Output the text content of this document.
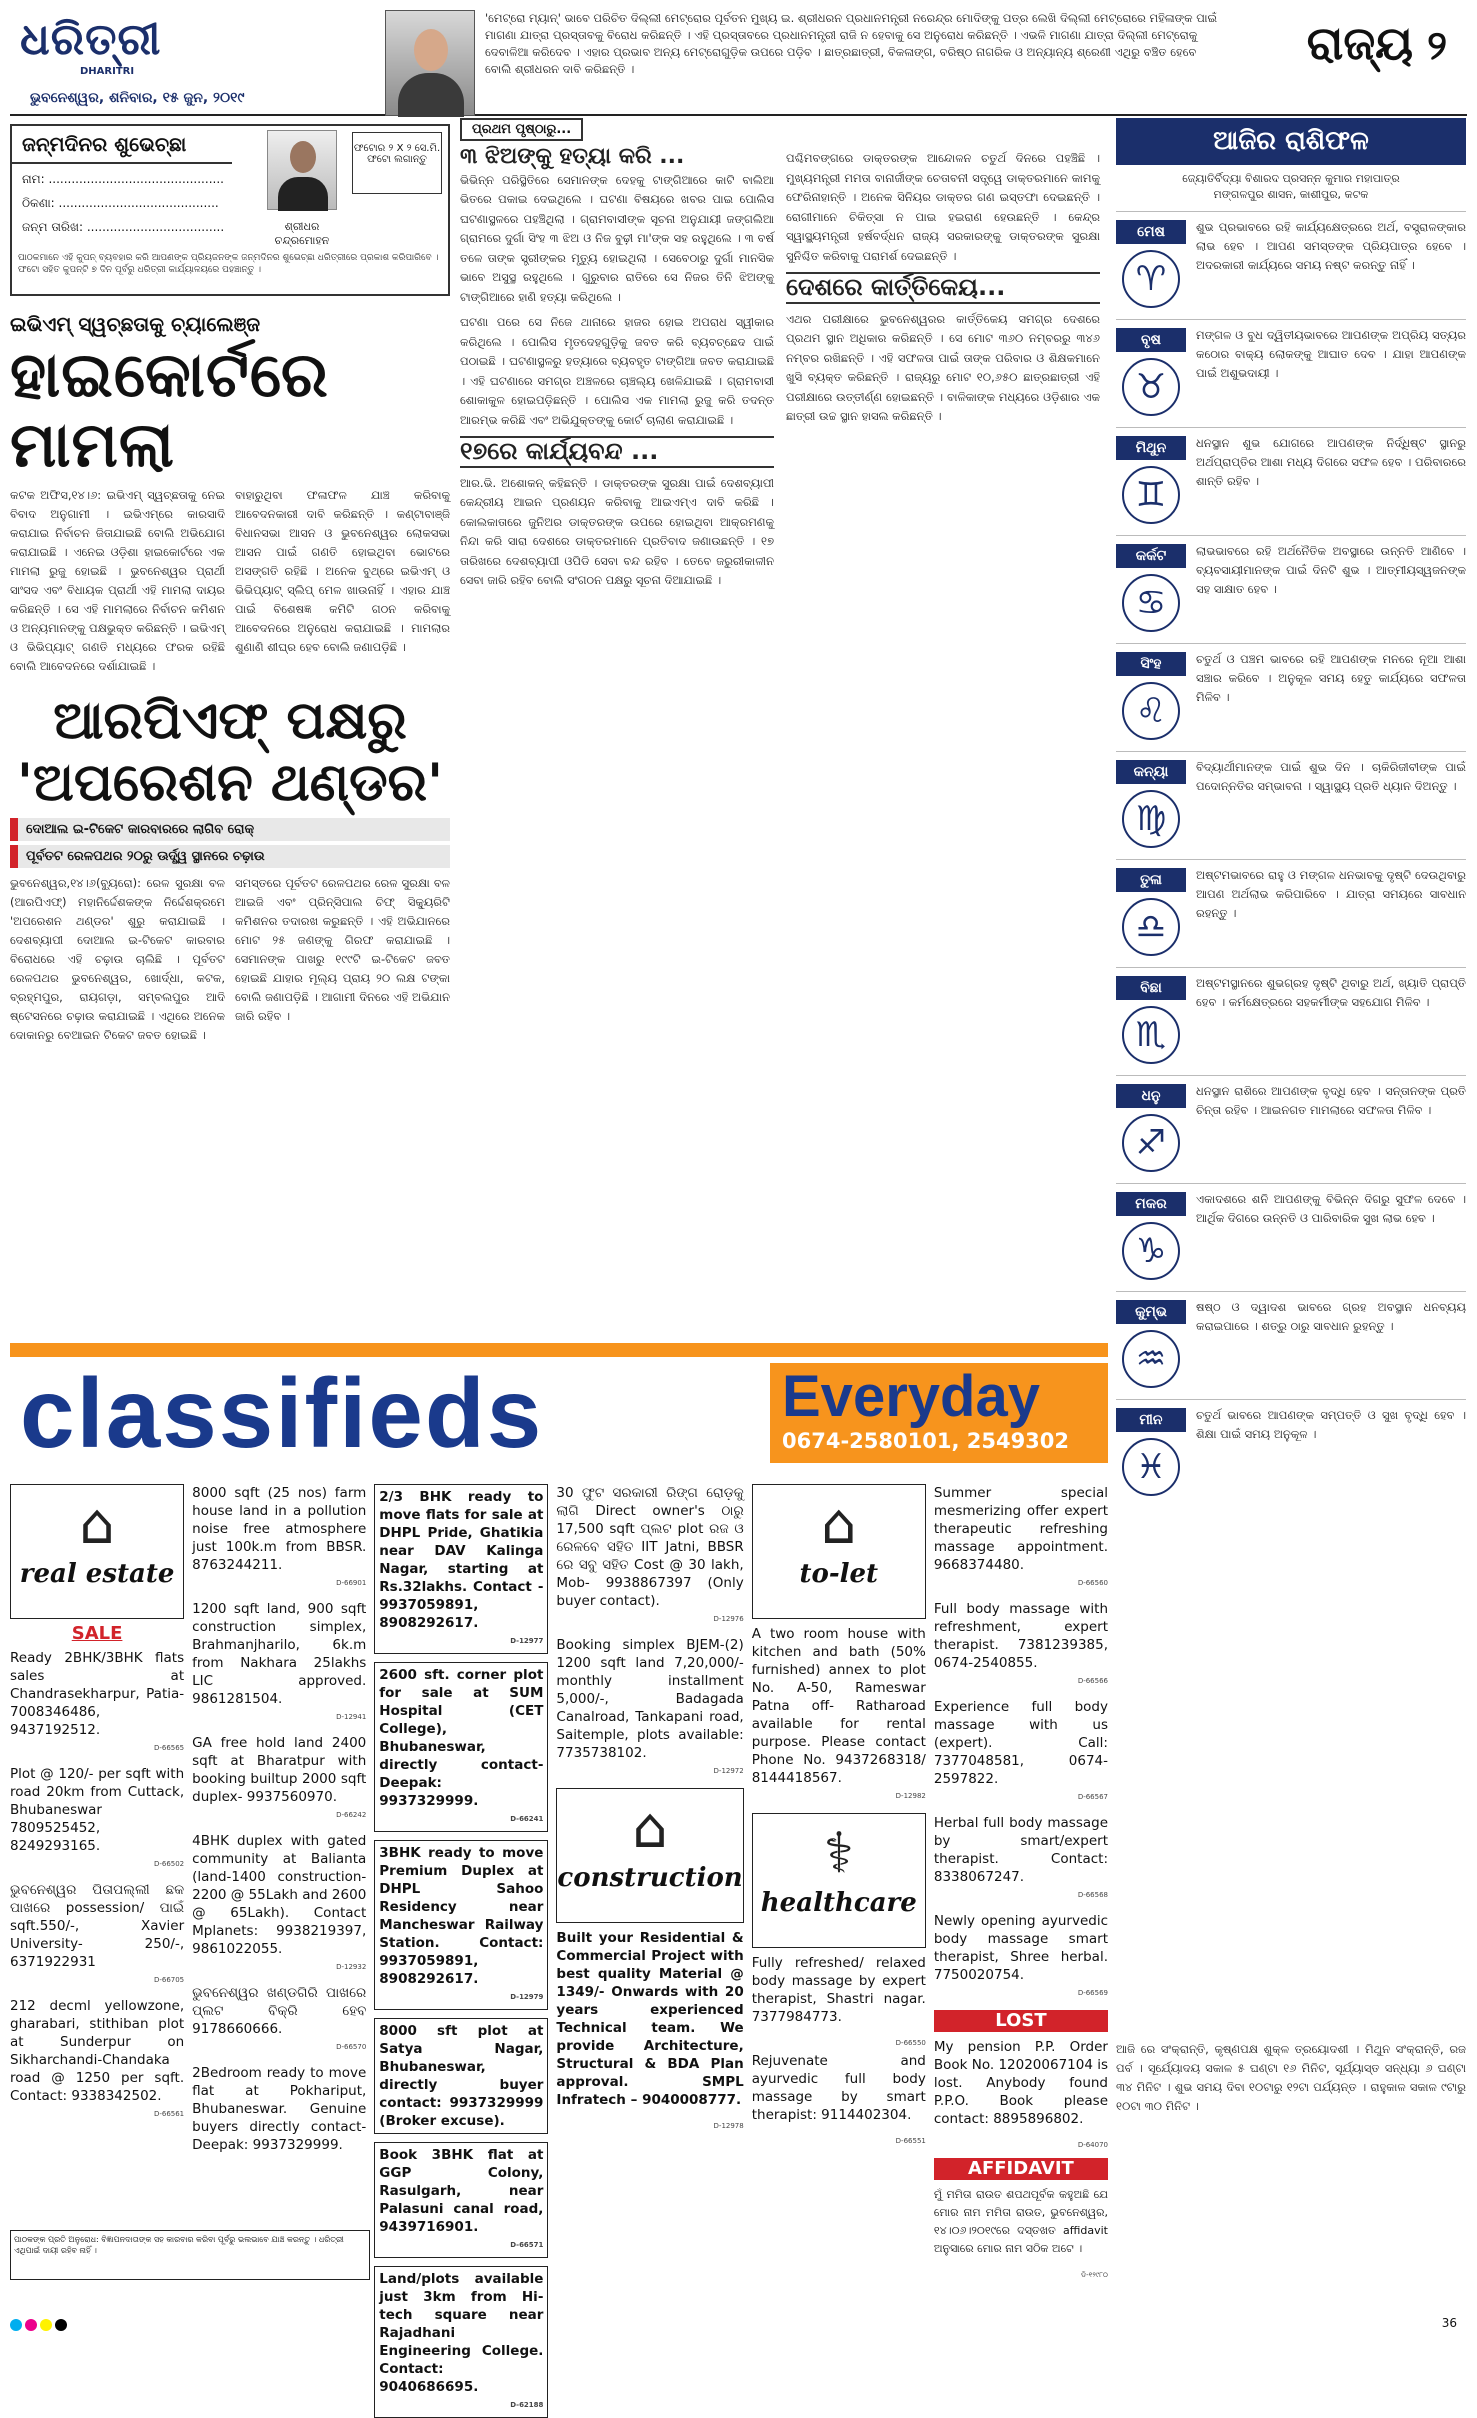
ଧରିତ୍ରୀ
DHARITRI
ଭୁବନେଶ୍ୱର, ଶନିବାର, ୧୫ ଜୁନ, ୨୦୧୯
'ମେଟ୍ରୋ ମ୍ୟାନ୍' ଭାବେ ପରିଚିତ ଦିଲ୍ଲୀ ମେଟ୍ରୋର ପୂର୍ବତନ ମୁଖ୍ୟ ଇ. ଶ୍ରୀଧରନ ପ୍ରଧାନମନ୍ତ୍ରୀ ନରେନ୍ଦ୍ର ମୋଦିଙ୍କୁ ପତ୍ର ଲେଖି ଦିଲ୍ଲୀ ମେଟ୍ରୋରେ ମହିଳାଙ୍କ ପାଇଁ ମାଗଣା ଯାତ୍ରା ପ୍ରସ୍ତାବକୁ ବିରୋଧ କରିଛନ୍ତି । ଏହି ପ୍ରସ୍ତାବରେ ପ୍ରଧାନମନ୍ତ୍ରୀ ରାଜି ନ ହେବାକୁ ସେ ଅନୁରୋଧ କରିଛନ୍ତି । ଏଭଳି ମାଗଣା ଯାତ୍ରା ଦିଲ୍ଲୀ ମେଟ୍ରୋକୁ ଦେବାଳିଆ କରିଦେବ । ଏହାର ପ୍ରଭାବ ଅନ୍ୟ ମେଟ୍ରୋଗୁଡ଼ିକ ଉପରେ ପଡ଼ିବ । ଛାତ୍ରଛାତ୍ରୀ, ବିକଳାଙ୍ଗ, ବରିଷ୍ଠ ନାଗରିକ ଓ ଅନ୍ୟାନ୍ୟ ଶ୍ରେଣୀ ଏଥିରୁ ବଞ୍ଚିତ ହେବେ ବୋଲି ଶ୍ରୀଧରନ ଦାବି କରିଛନ୍ତି ।	ରାଜ୍ୟ ୨
ଜନ୍ମଦିନର ଶୁଭେଚ୍ଛା
ନାମ: ..............................................
ଠିକଣା: ..........................................
ଜନ୍ମ ତାରିଖ: ....................................	ଶ୍ରୀଧର ଚନ୍ଦ୍ରମୋହନ
ଫଟୋର ୨ X ୨ ସେ.ମି. ଫଟୋ ଲଗାନ୍ତୁ
ପାଠକମାନେ ଏହି କୁପନ୍ ବ୍ୟବହାର କରି ଆପଣଙ୍କ ପ୍ରିୟଜନଙ୍କ ଜନ୍ମଦିନର ଶୁଭେଚ୍ଛା ଧରିତ୍ରୀରେ ପ୍ରକାଶ କରିପାରିବେ । ଫଟୋ ସହିତ କୁପନ୍‌ଟି ୭ ଦିନ ପୂର୍ବରୁ ଧରିତ୍ରୀ କାର୍ଯ୍ୟାଳୟରେ ପହଞ୍ଚାନ୍ତୁ ।
ଇଭିଏମ୍ ସ୍ୱଚ୍ଛତାକୁ ଚ୍ୟାଲେଞ୍ଜ
ହାଇକୋର୍ଟରେ ମାମଲା
କଟକ ଅଫିସ,୧୪।୬: ଇଭିଏମ୍ ସ୍ୱଚ୍ଛତାକୁ ନେଇ ବିବାଦ ଅନୁଗାମୀ । ଇଭିଏମ୍‌ରେ କାରସାଦି କରାଯାଇ ନିର୍ବାଚନ ଜିତାଯାଇଛି ବୋଲି ଅଭିଯୋଗ କରାଯାଇଛି । ଏନେଇ ଓଡ଼ିଶା ହାଇକୋର୍ଟରେ ଏକ ମାମଲା ରୁଜୁ ହୋଇଛି । ଭୁବନେଶ୍ୱର ପ୍ରାର୍ଥୀ ସାଂସଦ ଏବଂ ବିଧାୟକ ପ୍ରାର୍ଥୀ ଏହି ମାମଲା ଦାୟର କରିଛନ୍ତି । ସେ ଏହି ମାମଲାରେ ନିର୍ବାଚନ କମିଶନ ଓ ଅନ୍ୟମାନଙ୍କୁ ପକ୍ଷଭୁକ୍ତ କରିଛନ୍ତି । ଇଭିଏମ୍ ଓ ଭିଭିପ୍ୟାଟ୍ ଗଣତି ମଧ୍ୟରେ ଫରକ ରହିଛି ବୋଲି ଆବେଦନରେ ଦର୍ଶାଯାଇଛି ।
ବାହାରୁଥିବା ଫଳାଫଳ ଯାଞ୍ଚ କରିବାକୁ ଆବେଦନକାରୀ ଦାବି କରିଛନ୍ତି । କଣ୍ଟାବାଞ୍ଜି ବିଧାନସଭା ଆସନ ଓ ଭୁବନେଶ୍ୱର ଲୋକସଭା ଆସନ ପାଇଁ ଗଣତି ହୋଇଥିବା ଭୋଟରେ ଅସଙ୍ଗତି ରହିଛି । ଅନେକ ବୁଥ୍‌ରେ ଇଭିଏମ୍ ଓ ଭିଭିପ୍ୟାଟ୍ ସ୍ଲିପ୍ ମେଳ ଖାଉନାହିଁ । ଏହାର ଯାଞ୍ଚ ପାଇଁ ବିଶେଷଜ୍ଞ କମିଟି ଗଠନ କରିବାକୁ ଆବେଦନରେ ଅନୁରୋଧ କରାଯାଇଛି । ମାମଲାର ଶୁଣାଣି ଶୀଘ୍ର ହେବ ବୋଲି ଜଣାପଡ଼ିଛି ।
ଆରପିଏଫ୍ ପକ୍ଷରୁ 'ଅପରେଶନ ଥଣ୍ଡର'
ଦୋଆଲ ଇ-ଟିକେଟ କାରବାରରେ ଲାଗିବ ରୋକ୍
ପୂର୍ବତଟ ରେଳପଥର ୨୦ରୁ ଊର୍ଦ୍ଧ୍ୱ ସ୍ଥାନରେ ଚଢ଼ାଉ
ଭୁବନେଶ୍ୱର,୧୪।୬(ବ୍ୟୁରୋ): ରେଳ ସୁରକ୍ଷା ବଳ (ଆରପିଏଫ୍) ମହାନିର୍ଦ୍ଦେଶକଙ୍କ ନିର୍ଦ୍ଦେଶକ୍ରମେ 'ଅପରେଶନ ଥଣ୍ଡର' ଶୁରୁ କରାଯାଇଛି । ଦେଶବ୍ୟାପୀ ଦୋଆଲ ଇ-ଟିକେଟ କାରବାର ବିରୋଧରେ ଏହି ଚଢ଼ାଉ ଚାଲିଛି । ପୂର୍ବତଟ ରେଳପଥର ଭୁବନେଶ୍ୱର, ଖୋର୍ଦ୍ଧା, କଟକ, ବ୍ରହ୍ମପୁର, ରାୟଗଡ଼ା, ସମ୍ବଲପୁର ଆଦି ଷ୍ଟେସନରେ ଚଢ଼ାଉ କରାଯାଇଛି । ଏଥିରେ ଅନେକ ଦୋକାନରୁ ବେଆଇନ ଟିକେଟ ଜବତ ହୋଇଛି ।
ସମସ୍ତରେ ପୂର୍ବତଟ ରେଳପଥର ରେଳ ସୁରକ୍ଷା ବଳ ଆଇଜି ଏବଂ ପ୍ରିନ୍ସିପାଲ ଚିଫ୍ ସିକ୍ୟୁରିଟି କମିଶନର ତଦାରଖ କରୁଛନ୍ତି । ଏହି ଅଭିଯାନରେ ମୋଟ ୨୫ ଜଣଙ୍କୁ ଗିରଫ କରାଯାଇଛି । ସେମାନଙ୍କ ପାଖରୁ ୧୯୯ଟି ଇ-ଟିକେଟ ଜବତ ହୋଇଛି ଯାହାର ମୂଲ୍ୟ ପ୍ରାୟ ୨୦ ଲକ୍ଷ ଟଙ୍କା ବୋଲି ଜଣାପଡ଼ିଛି । ଆଗାମୀ ଦିନରେ ଏହି ଅଭିଯାନ ଜାରି ରହିବ ।
ପ୍ରଥମ ପୃଷ୍ଠାରୁ...
୩ ଝିଅଙ୍କୁ ହତ୍ୟା କରି ...
ଭିଭିନ୍ନ ପରିସ୍ଥିତିରେ ସେମାନଙ୍କ ଦେହକୁ ଟାଙ୍ଗିଆରେ କାଟି ବାଲିଆ ଭିତରେ ପକାଇ ଦେଇଥିଲେ । ଘଟଣା ବିଷୟରେ ଖବର ପାଇ ପୋଲିସ ଘଟଣାସ୍ଥଳରେ ପହଞ୍ଚିଥିଲା । ଗ୍ରାମବାସୀଙ୍କ ସୂଚନା ଅନୁଯାୟୀ ଜଙ୍ଗଲିଆ ଗ୍ରାମରେ ଦୁର୍ଗା ସିଂହ ୩ ଝିଅ ଓ ନିଜ ବୁଢ଼ୀ ମା'ଙ୍କ ସହ ରହୁଥିଲେ । ୩ ବର୍ଷ ତଳେ ତାଙ୍କ ସ୍ତ୍ରୀଙ୍କର ମୃତ୍ୟୁ ହୋଇଥିଲା । ସେବେଠାରୁ ଦୁର୍ଗା ମାନସିକ ଭାବେ ଅସୁସ୍ଥ ରହୁଥିଲେ । ଗୁରୁବାର ରାତିରେ ସେ ନିଜର ତିନି ଝିଅଙ୍କୁ ଟାଙ୍ଗିଆରେ ହାଣି ହତ୍ୟା କରିଥିଲେ ।
ଘଟଣା ପରେ ସେ ନିଜେ ଥାନାରେ ହାଜର ହୋଇ ଅପରାଧ ସ୍ୱୀକାର କରିଥିଲେ । ପୋଲିସ ମୃତଦେହଗୁଡ଼ିକୁ ଜବତ କରି ବ୍ୟବଚ୍ଛେଦ ପାଇଁ ପଠାଇଛି । ଘଟଣାସ୍ଥଳରୁ ହତ୍ୟାରେ ବ୍ୟବହୃତ ଟାଙ୍ଗିଆ ଜବତ କରାଯାଇଛି । ଏହି ଘଟଣାରେ ସମଗ୍ର ଅଞ୍ଚଳରେ ଚାଞ୍ଚଲ୍ୟ ଖେଳିଯାଇଛି । ଗ୍ରାମବାସୀ ଶୋକାକୁଳ ହୋଇପଡ଼ିଛନ୍ତି । ପୋଲିସ ଏକ ମାମଲା ରୁଜୁ କରି ତଦନ୍ତ ଆରମ୍ଭ କରିଛି ଏବଂ ଅଭିଯୁକ୍ତଙ୍କୁ କୋର୍ଟ ଚାଲାଣ କରାଯାଇଛି ।
୧୭ରେ କାର୍ଯ୍ୟବନ୍ଦ ...
ଆର.ଭି. ଅଶୋକନ୍ କହିଛନ୍ତି । ଡାକ୍ତରଙ୍କ ସୁରକ୍ଷା ପାଇଁ ଦେଶବ୍ୟାପୀ କେନ୍ଦ୍ରୀୟ ଆଇନ ପ୍ରଣୟନ କରିବାକୁ ଆଇଏମ୍ଏ ଦାବି କରିଛି । କୋଲକାତାରେ ଜୁନିଅର ଡାକ୍ତରଙ୍କ ଉପରେ ହୋଇଥିବା ଆକ୍ରମଣକୁ ନିନ୍ଦା କରି ସାରା ଦେଶରେ ଡାକ୍ତରମାନେ ପ୍ରତିବାଦ ଜଣାଉଛନ୍ତି । ୧୭ ତାରିଖରେ ଦେଶବ୍ୟାପୀ ଓପିଡି ସେବା ବନ୍ଦ ରହିବ । ତେବେ ଜରୁରୀକାଳୀନ ସେବା ଜାରି ରହିବ ବୋଲି ସଂଗଠନ ପକ୍ଷରୁ ସୂଚନା ଦିଆଯାଇଛି ।
ପଶ୍ଚିମବଙ୍ଗରେ ଡାକ୍ତରଙ୍କ ଆନ୍ଦୋଳନ ଚତୁର୍ଥ ଦିନରେ ପହଞ୍ଚିଛି । ମୁଖ୍ୟମନ୍ତ୍ରୀ ମମତା ବାନାର୍ଜୀଙ୍କ ଚେତାବନୀ ସତ୍ତ୍ୱେ ଡାକ୍ତରମାନେ କାମକୁ ଫେରିନାହାନ୍ତି । ଅନେକ ସିନିୟର ଡାକ୍ତର ଗଣ ଇସ୍ତଫା ଦେଇଛନ୍ତି । ରୋଗୀମାନେ ଚିକିତ୍ସା ନ ପାଇ ହଇରାଣ ହେଉଛନ୍ତି । କେନ୍ଦ୍ର ସ୍ୱାସ୍ଥ୍ୟମନ୍ତ୍ରୀ ହର୍ଷବର୍ଦ୍ଧନ ରାଜ୍ୟ ସରକାରଙ୍କୁ ଡାକ୍ତରଙ୍କ ସୁରକ୍ଷା ସୁନିଶ୍ଚିତ କରିବାକୁ ପରାମର୍ଶ ଦେଇଛନ୍ତି ।
ଦେଶରେ କାର୍ତ୍ତିକେୟ...
ଏଥର ପରୀକ୍ଷାରେ ଭୁବନେଶ୍ୱରର କାର୍ତ୍ତିକେୟ ସମଗ୍ର ଦେଶରେ ପ୍ରଥମ ସ୍ଥାନ ଅଧିକାର କରିଛନ୍ତି । ସେ ମୋଟ ୩୬୦ ନମ୍ବରରୁ ୩୪୬ ନମ୍ବର ରଖିଛନ୍ତି । ଏହି ସଫଳତା ପାଇଁ ତାଙ୍କ ପରିବାର ଓ ଶିକ୍ଷକମାନେ ଖୁସି ବ୍ୟକ୍ତ କରିଛନ୍ତି । ରାଜ୍ୟରୁ ମୋଟ ୧୦,୬୫୦ ଛାତ୍ରଛାତ୍ରୀ ଏହି ପରୀକ୍ଷାରେ ଉତ୍ତୀର୍ଣ୍ଣ ହୋଇଛନ୍ତି । ବାଳିକାଙ୍କ ମଧ୍ୟରେ ଓଡ଼ିଶାର ଏକ ଛାତ୍ରୀ ଉଚ୍ଚ ସ୍ଥାନ ହାସଲ କରିଛନ୍ତି ।
ଆଜିର ରାଶିଫଳ
ଜ୍ୟୋତିର୍ବିଦ୍ୟା ବିଶାରଦ ପ୍ରସନ୍ନ କୁମାର ମହାପାତ୍ର
ମଙ୍ଗଳପୁର ଶାସନ, କାଶୀପୁର, କଟକ
ମେଷ
♈
ଶୁଭ ପ୍ରଭାବରେ ରହି କାର୍ଯ୍ୟକ୍ଷେତ୍ରରେ ଅର୍ଥ, ବସ୍ତ୍ରାଳଙ୍କାର ଲାଭ ହେବ । ଆପଣ ସମସ୍ତଙ୍କ ପ୍ରିୟପାତ୍ର ହେବେ । ଅଦରକାରୀ କାର୍ଯ୍ୟରେ ସମୟ ନଷ୍ଟ କରନ୍ତୁ ନାହିଁ ।
ବୃଷ
♉
ମଙ୍ଗଳ ଓ ବୁଧ ଦ୍ୱିତୀୟଭାବରେ ଆପଣଙ୍କ ଅପ୍ରିୟ ସତ୍ୟର କଠୋର ବାକ୍ୟ ଲୋକଙ୍କୁ ଆଘାତ ଦେବ । ଯାହା ଆପଣଙ୍କ ପାଇଁ ଅଶୁଭଦାୟୀ ।
ମିଥୁନ
♊
ଧନସ୍ଥାନ ଶୁଭ ଯୋଗରେ ଆପଣଙ୍କ ନିର୍ଦ୍ଧିଷ୍ଟ ସ୍ଥାନରୁ ଅର୍ଥପ୍ରାପ୍ତିର ଆଶା ମଧ୍ୟ ଦିଗରେ ସଫଳ ହେବ । ପରିବାରରେ ଶାନ୍ତି ରହିବ ।
କର୍କଟ
♋
ଲାଭଭାବରେ ରହି ଅର୍ଥନୈତିକ ଅବସ୍ଥାରେ ଉନ୍ନତି ଆଣିବେ । ବ୍ୟବସାୟୀମାନଙ୍କ ପାଇଁ ଦିନଟି ଶୁଭ । ଆତ୍ମୀୟସ୍ୱଜନଙ୍କ ସହ ସାକ୍ଷାତ ହେବ ।
ସିଂହ
♌
ଚତୁର୍ଥ ଓ ପଞ୍ଚମ ଭାବରେ ରହି ଆପଣଙ୍କ ମନରେ ନୂଆ ଆଶା ସଞ୍ଚାର କରିବେ । ଅନୁକୂଳ ସମୟ ହେତୁ କାର୍ଯ୍ୟରେ ସଫଳତା ମିଳିବ ।
କନ୍ୟା
♍
ବିଦ୍ୟାର୍ଥୀମାନଙ୍କ ପାଇଁ ଶୁଭ ଦିନ । ଚାକିରିଜୀବୀଙ୍କ ପାଇଁ ପଦୋନ୍ନତିର ସମ୍ଭାବନା । ସ୍ୱାସ୍ଥ୍ୟ ପ୍ରତି ଧ୍ୟାନ ଦିଅନ୍ତୁ ।
ତୁଳା
♎
ଅଷ୍ଟମଭାବରେ ରାହୁ ଓ ମଙ୍ଗଳ ଧନଭାବକୁ ଦୃଷ୍ଟି ଦେଉଥିବାରୁ ଆପଣ ଅର୍ଥଲାଭ କରିପାରିବେ । ଯାତ୍ରା ସମୟରେ ସାବଧାନ ରହନ୍ତୁ ।
ବିଛା
♏
ଅଷ୍ଟମସ୍ଥାନରେ ଶୁଭଗ୍ରହ ଦୃଷ୍ଟି ଥିବାରୁ ଅର୍ଥ, ଖ୍ୟାତି ପ୍ରାପ୍ତି ହେବ । କର୍ମକ୍ଷେତ୍ରରେ ସହକର୍ମୀଙ୍କ ସହଯୋଗ ମିଳିବ ।
ଧନୁ
♐
ଧନସ୍ଥାନ ରାଶିରେ ଆପଣଙ୍କ ବୃଦ୍ଧି ହେବ । ସନ୍ତାନଙ୍କ ପ୍ରତି ଚିନ୍ତା ରହିବ । ଆଇନଗତ ମାମଲାରେ ସଫଳତା ମିଳିବ ।
ମକର
♑
ଏକାଦଶରେ ଶନି ଆପଣଙ୍କୁ ବିଭିନ୍ନ ଦିଗରୁ ସୁଫଳ ଦେବେ । ଆର୍ଥିକ ଦିଗରେ ଉନ୍ନତି ଓ ପାରିବାରିକ ସୁଖ ଲାଭ ହେବ ।
କୁମ୍ଭ
♒
ଷଷ୍ଠ ଓ ଦ୍ୱାଦଶ ଭାବରେ ଗ୍ରହ ଅବସ୍ଥାନ ଧନବ୍ୟୟ କରାଇପାରେ । ଶତ୍ରୁ ଠାରୁ ସାବଧାନ ରୁହନ୍ତୁ ।
ମୀନ
♓
ଚତୁର୍ଥ ଭାବରେ ଆପଣଙ୍କ ସମ୍ପତ୍ତି ଓ ସୁଖ ବୃଦ୍ଧି ହେବ । ଶିକ୍ଷା ପାଇଁ ସମୟ ଅନୁକୂଳ ।
ଆଜି ରେ ସଂକ୍ରାନ୍ତି, କୃଷ୍ଣପକ୍ଷ ଶୁକ୍ଳ ତ୍ରୟୋଦଶୀ । ମିଥୁନ ସଂକ୍ରାନ୍ତି, ରଜ ପର୍ବ । ସୂର୍ଯ୍ୟୋଦୟ ସକାଳ ୫ ଘଣ୍ଟା ୧୬ ମିନିଟ, ସୂର୍ଯ୍ୟାସ୍ତ ସନ୍ଧ୍ୟା ୬ ଘଣ୍ଟା ୩୪ ମିନିଟ । ଶୁଭ ସମୟ ଦିବା ୧୦ଟାରୁ ୧୨ଟା ପର୍ଯ୍ୟନ୍ତ । ରାହୁକାଳ ସକାଳ ୯ଟାରୁ ୧୦ଟା ୩୦ ମିନିଟ ।
classifieds	Everyday
0674-2580101, 2549302
⌂
real estate
SALE
Ready 2BHK/3BHK flats sales at Chandrasekharpur, Patia- 7008346486, 9437192512.
D-66565
Plot @ 120/- per sqft with road 20km from Cuttack, Bhubaneswar 7809525452, 8249293165.
D-66502
ଭୁବନେଶ୍ୱର ପିତାପଲ୍ଲୀ ଛକ ପାଖରେ possession/ ପାଇଁ sqft.550/-, Xavier University- 250/-, 6371922931
D-66705
212 decml yellowzone, gharabari, stithiban plot at Sunderpur on Sikharchandi-Chandaka road @ 1250 per sqft. Contact: 9338342502.
D-66561
8000 sqft (25 nos) farm house land in a pollution noise free atmosphere just 100k.m from BBSR. 8763244211.
D-66901
1200 sqft land, 900 sqft construction simplex, Brahmanjharilo, 6k.m from Nakhara 25lakhs LIC approved. 9861281504.
D-12941
GA free hold land 2400 sqft at Bharatpur with booking builtup 2000 sqft duplex- 9937560970.
D-66242
4BHK duplex with gated community at Balianta (land-1400 construction-2200 @ 55Lakh and 2600 @ 65Lakh). Contact Mplanets: 9938219397, 9861022055.
D-12932
ଭୁବନେଶ୍ୱର ଖଣ୍ଡଗିରି ପାଖରେ ପ୍ଲଟ ବିକ୍ରି ହେବ 9178660666.
D-66570
2Bedroom ready to move flat at Pokhariput, Bhubaneswar. Genuine buyers directly contact- Deepak: 9937329999.
2/3 BHK ready to move flats for sale at DHPL Pride, Ghatikia near DAV Kalinga Nagar, starting at Rs.32lakhs. Contact - 9937059891, 8908292617.
D-12977
2600 sft. corner plot for sale at SUM Hospital (CET College), Bhubaneswar, directly contact- Deepak: 9937329999.
D-66241
3BHK ready to move Premium Duplex at DHPL Sahoo Residency near Mancheswar Railway Station. Contact: 9937059891, 8908292617.
D-12979
8000 sft plot at Satya Nagar, Bhubaneswar, directly buyer contact: 9937329999 (Broker excuse).
Book 3BHK flat at GGP Colony, Rasulgarh, near Palasuni canal road, 9439716901.
D-66571
Land/plots available just 3km from Hi-tech square near Rajadhani Engineering College. Contact: 9040686695.
D-62188
30 ଫୁଟ ସରକାରୀ ରିଙ୍ଗ ରୋଡ଼କୁ ଲାଗି Direct owner's ଠାରୁ 17,500 sqft ପ୍ଲଟ plot ରଜ ଓ ରେଳବେ ସହିତ IIT Jatni, BBSR ରେ ସବୁ ସହିତ Cost @ 30 lakh, Mob- 9938867397 (Only buyer contact).
D-12976
Booking simplex BJEM-(2) 1200 sqft land 7,20,000/- monthly installment 5,000/-, Badagada Canalroad, Tankapani road, Saitemple, plots available: 7735738102.
D-12972
⌂
construction
Built your Residential & Commercial Project with best quality Material @ 1349/- Onwards with 20 years experienced Technical team. We provide Architecture, Structural & BDA Plan approval. SMPL Infratech – 9040008777.
D-12978
⌂
to-let
A two room house with kitchen and bath (50% furnished) annex to plot No. A-50, Rameswar Patna off- Ratharoad available for rental purpose. Please contact Phone No. 9437268318/ 8144418567.
D-12982
⚕
healthcare
Fully refreshed/ relaxed body massage by expert therapist, Shastri nagar. 7377984773.
D-66550
Rejuvenate and ayurvedic full body massage by smart therapist: 9114402304.
D-66551
Summer special mesmerizing offer expert therapeutic refreshing massage appointment. 9668374480.
D-66560
Full body massage with refreshment, expert therapist. 7381239385, 0674-2540855.
D-66566
Experience full body massage with us (expert). Call: 7377048581, 0674-2597822.
D-66567
Herbal full body massage by smart/expert therapist. Contact: 8338067247.
D-66568
Newly opening ayurvedic body massage smart therapist, Shree herbal. 7750020754.
D-66569
LOST
My pension P.P. Order Book No. 12020067104 is lost. Anybody found P.P.O. Book please contact: 8895896802.
D-64070
AFFIDAVIT
ମୁଁ ମମିତା ରାଉତ ଶପଥପୂର୍ବକ କହୁଅଛି ଯେ ମୋର ନାମ ମମିତା ରାଉତ, ଭୁବନେଶ୍ୱର, ୧୪।୦୬।୨୦୧୯ରେ ଦସ୍ତଖତ affidavit ଅନୁସାରେ ମୋର ନାମ ସଠିକ ଅଟେ ।
ଡି-୧୨୯୮୦
ପାଠକଙ୍କ ପ୍ରତି ଅନୁରୋଧ: ବିଜ୍ଞାପନଦାତାଙ୍କ ସହ କାରବାର କରିବା ପୂର୍ବରୁ ଭଲଭାବେ ଯାଞ୍ଚ କରନ୍ତୁ । ଧରିତ୍ରୀ ଏଥିପାଇଁ ଦାୟୀ ରହିବ ନାହିଁ ।
36
